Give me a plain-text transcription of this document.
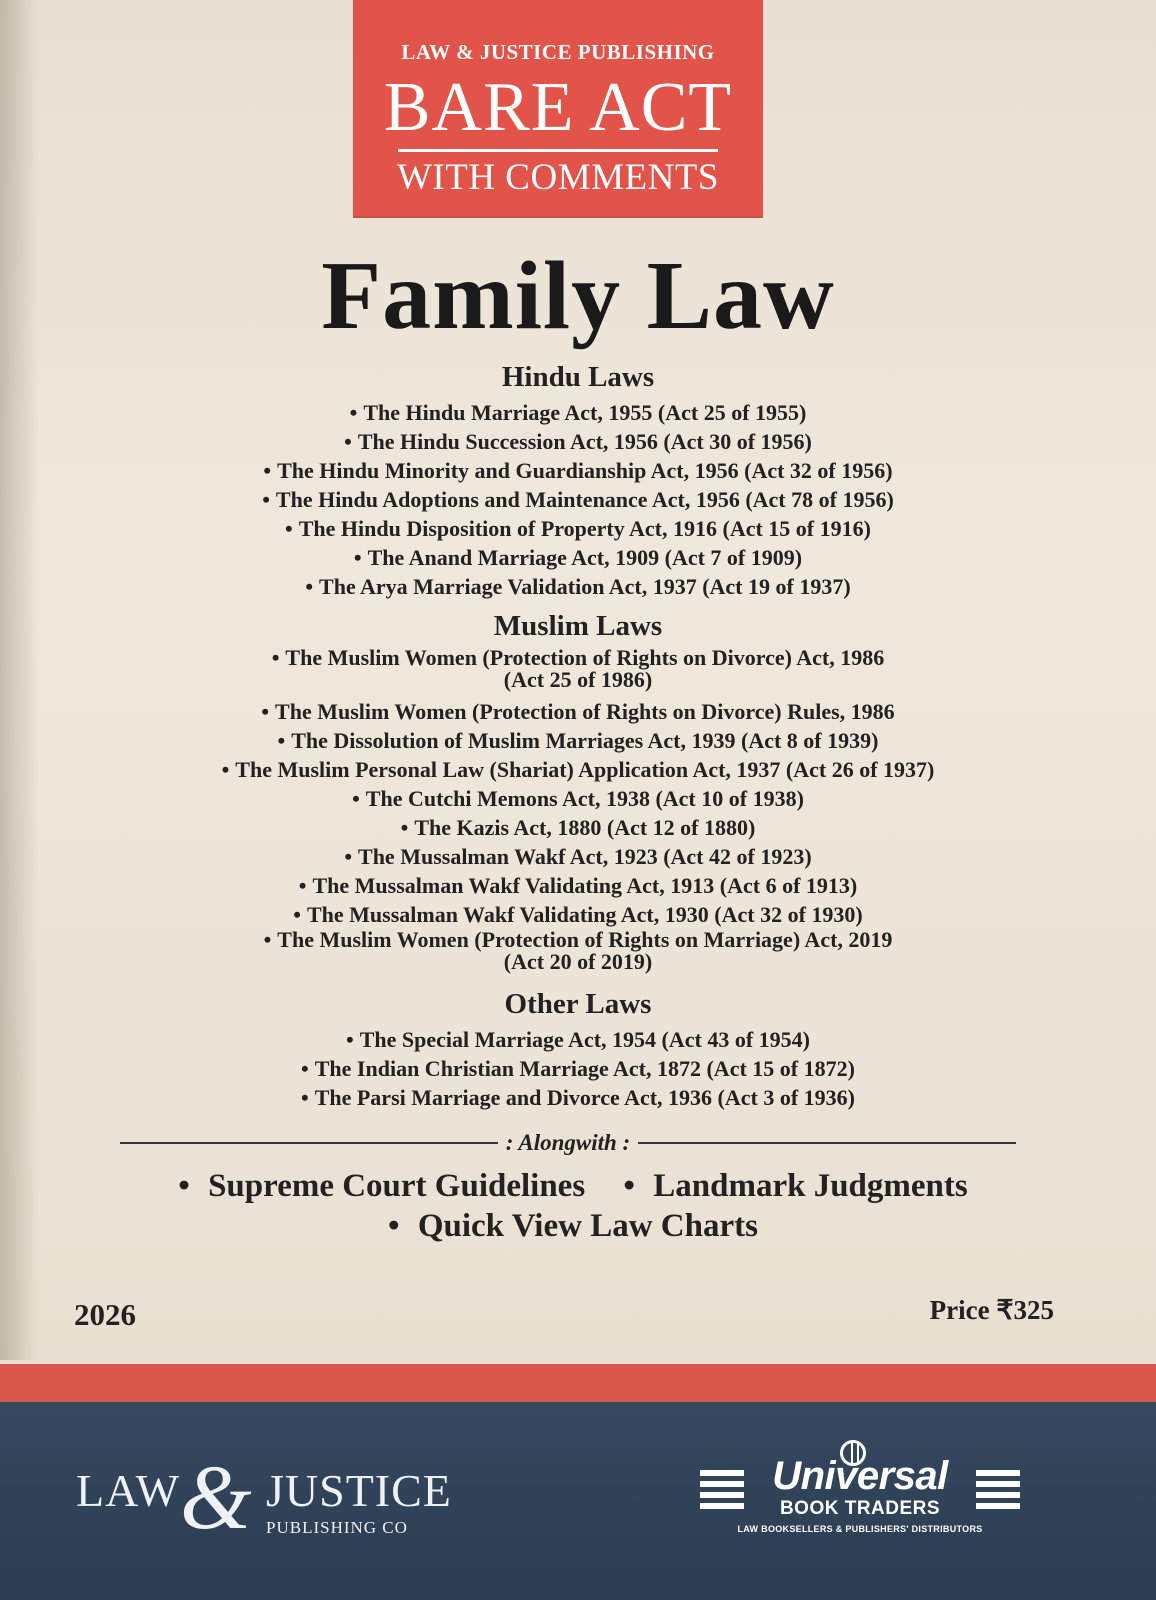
LAW & JUSTICE PUBLISHING
BARE ACT
WITH COMMENTS
Family Law
Hindu Laws
• The Hindu Marriage Act, 1955 (Act 25 of 1955)
• The Hindu Succession Act, 1956 (Act 30 of 1956)
• The Hindu Minority and Guardianship Act, 1956 (Act 32 of 1956)
• The Hindu Adoptions and Maintenance Act, 1956 (Act 78 of 1956)
• The Hindu Disposition of Property Act, 1916 (Act 15 of 1916)
• The Anand Marriage Act, 1909 (Act 7 of 1909)
• The Arya Marriage Validation Act, 1937 (Act 19 of 1937)
Muslim Laws
• The Muslim Women (Protection of Rights on Divorce) Act, 1986
(Act 25 of 1986)
• The Muslim Women (Protection of Rights on Divorce) Rules, 1986
• The Dissolution of Muslim Marriages Act, 1939 (Act 8 of 1939)
• The Muslim Personal Law (Shariat) Application Act, 1937 (Act 26 of 1937)
• The Cutchi Memons Act, 1938 (Act 10 of 1938)
• The Kazis Act, 1880 (Act 12 of 1880)
• The Mussalman Wakf Act, 1923 (Act 42 of 1923)
• The Mussalman Wakf Validating Act, 1913 (Act 6 of 1913)
• The Mussalman Wakf Validating Act, 1930 (Act 32 of 1930)
• The Muslim Women (Protection of Rights on Marriage) Act, 2019
(Act 20 of 2019)
Other Laws
• The Special Marriage Act, 1954 (Act 43 of 1954)
• The Indian Christian Marriage Act, 1872 (Act 15 of 1872)
• The Parsi Marriage and Divorce Act, 1936 (Act 3 of 1936)
: Alongwith :
• Supreme Court Guidelines • Landmark Judgments
• Quick View Law Charts
2026	Price ₹325
LAW & JUSTICE
PUBLISHING CO
Universal
BOOK TRADERS
LAW BOOKSELLERS & PUBLISHERS' DISTRIBUTORS
